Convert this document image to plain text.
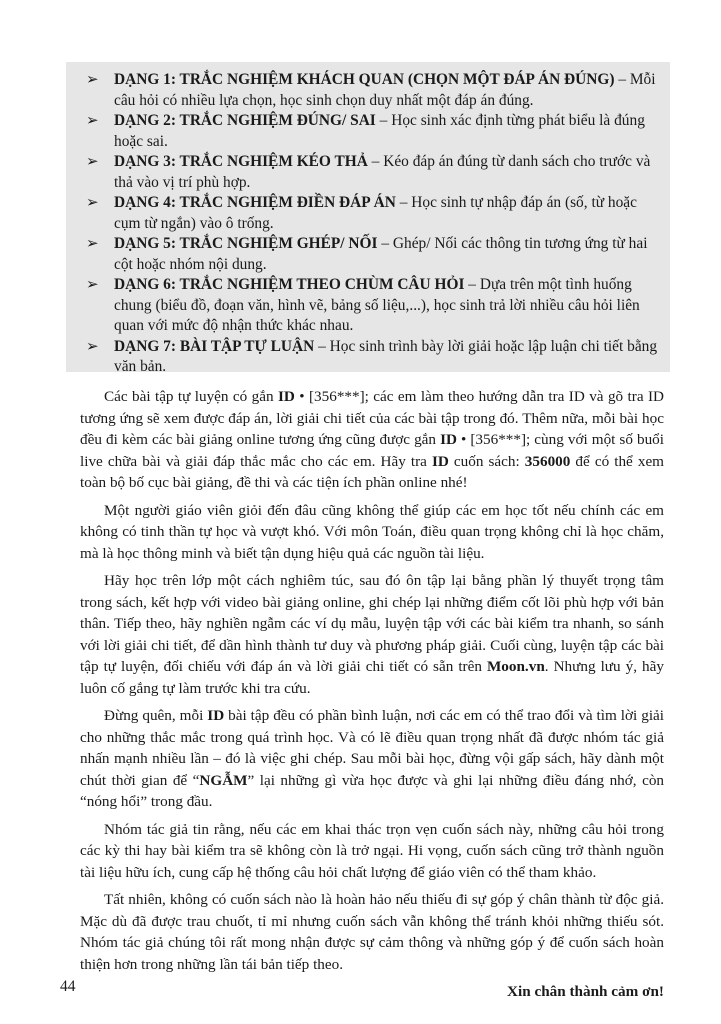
➢ DẠNG 1: TRẮC NGHIỆM KHÁCH QUAN (CHỌN MỘT ĐÁP ÁN ĐÚNG) – Mỗi câu hỏi có nhiều lựa chọn, học sinh chọn duy nhất một đáp án đúng.

➢ DẠNG 2: TRẮC NGHIỆM ĐÚNG/ SAI – Học sinh xác định từng phát biểu là đúng hoặc sai.

➢ DẠNG 3: TRẮC NGHIỆM KÉO THẢ – Kéo đáp án đúng từ danh sách cho trước và thả vào vị trí phù hợp.

➢ DẠNG 4: TRẮC NGHIỆM ĐIỀN ĐÁP ÁN – Học sinh tự nhập đáp án (số, từ hoặc cụm từ ngắn) vào ô trống.

➢ DẠNG 5: TRẮC NGHIỆM GHÉP/ NỐI – Ghép/ Nối các thông tin tương ứng từ hai cột hoặc nhóm nội dung.

➢ DẠNG 6: TRẮC NGHIỆM THEO CHÙM CÂU HỎI – Dựa trên một tình huống chung (biểu đồ, đoạn văn, hình vẽ, bảng số liệu,...), học sinh trả lời nhiều câu hỏi liên quan với mức độ nhận thức khác nhau.

➢ DẠNG 7: BÀI TẬP TỰ LUẬN – Học sinh trình bày lời giải hoặc lập luận chi tiết bằng văn bản.

Các bài tập tự luyện có gắn ID • [356***]; các em làm theo hướng dẫn tra ID và gõ tra ID tương ứng sẽ xem được đáp án, lời giải chi tiết của các bài tập trong đó. Thêm nữa, mỗi bài học đều đi kèm các bài giảng online tương ứng cũng được gắn ID • [356***]; cùng với một số buổi live chữa bài và giải đáp thắc mắc cho các em. Hãy tra ID cuốn sách: 356000 để có thể xem toàn bộ bố cục bài giảng, đề thi và các tiện ích phần online nhé!

Một người giáo viên giỏi đến đâu cũng không thể giúp các em học tốt nếu chính các em không có tinh thần tự học và vượt khó. Với môn Toán, điều quan trọng không chỉ là học chăm, mà là học thông minh và biết tận dụng hiệu quả các nguồn tài liệu.

Hãy học trên lớp một cách nghiêm túc, sau đó ôn tập lại bằng phần lý thuyết trọng tâm trong sách, kết hợp với video bài giảng online, ghi chép lại những điểm cốt lõi phù hợp với bản thân. Tiếp theo, hãy nghiền ngẫm các ví dụ mẫu, luyện tập với các bài kiểm tra nhanh, so sánh với lời giải chi tiết, để dần hình thành tư duy và phương pháp giải. Cuối cùng, luyện tập các bài tập tự luyện, đối chiếu với đáp án và lời giải chi tiết có sẵn trên Moon.vn. Nhưng lưu ý, hãy luôn cố gắng tự làm trước khi tra cứu.

Đừng quên, mỗi ID bài tập đều có phần bình luận, nơi các em có thể trao đổi và tìm lời giải cho những thắc mắc trong quá trình học. Và có lẽ điều quan trọng nhất đã được nhóm tác giả nhấn mạnh nhiều lần – đó là việc ghi chép. Sau mỗi bài học, đừng vội gấp sách, hãy dành một chút thời gian để “NGẪM” lại những gì vừa học được và ghi lại những điều đáng nhớ, còn “nóng hổi” trong đầu.

Nhóm tác giả tin rằng, nếu các em khai thác trọn vẹn cuốn sách này, những câu hỏi trong các kỳ thi hay bài kiểm tra sẽ không còn là trở ngại. Hi vọng, cuốn sách cũng trở thành nguồn tài liệu hữu ích, cung cấp hệ thống câu hỏi chất lượng để giáo viên có thể tham khảo.

Tất nhiên, không có cuốn sách nào là hoàn hảo nếu thiếu đi sự góp ý chân thành từ độc giả. Mặc dù đã được trau chuốt, tỉ mỉ nhưng cuốn sách vẫn không thể tránh khỏi những thiếu sót. Nhóm tác giả chúng tôi rất mong nhận được sự cảm thông và những góp ý để cuốn sách hoàn thiện hơn trong những lần tái bản tiếp theo.

Xin chân thành cảm ơn!

44
